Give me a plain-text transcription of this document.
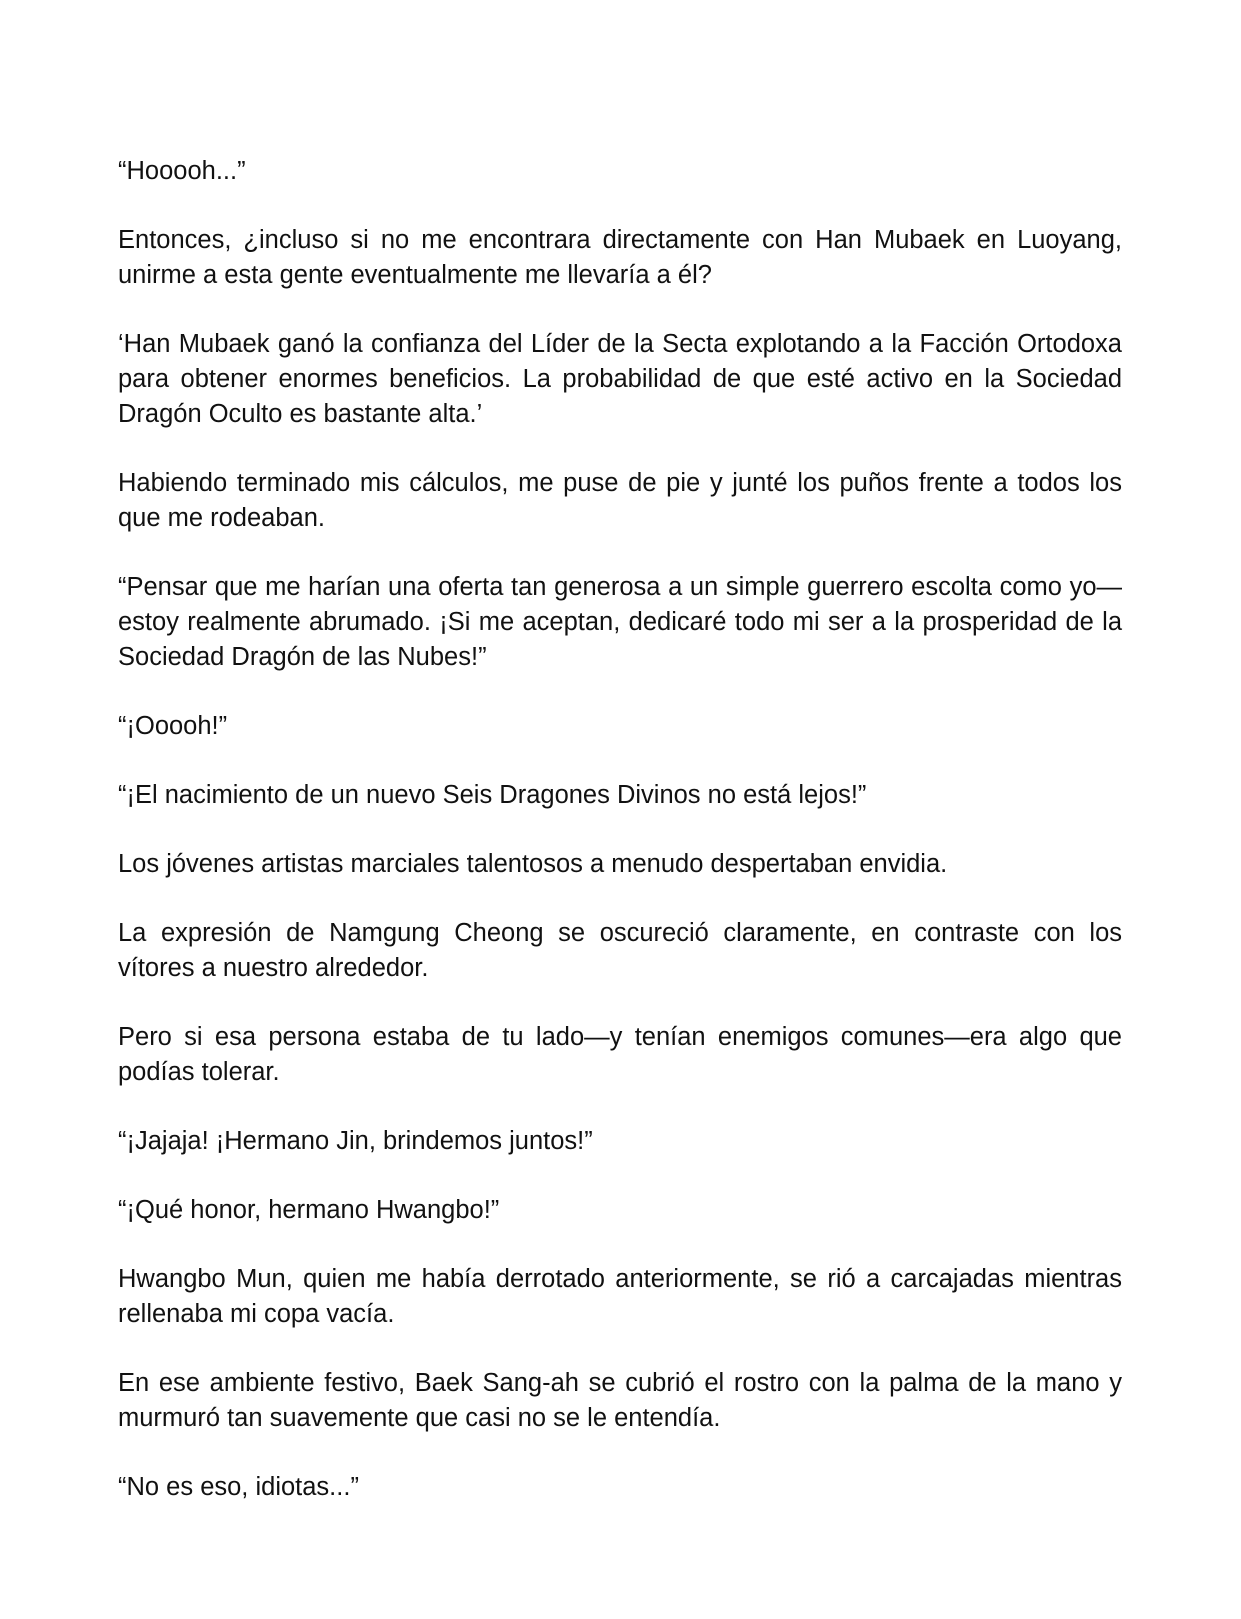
“Hooooh...”

Entonces, ¿incluso si no me encontrara directamente con Han Mubaek en Luoyang, unirme a esta gente eventualmente me llevaría a él?

‘Han Mubaek ganó la confianza del Líder de la Secta explotando a la Facción Ortodoxa para obtener enormes beneficios. La probabilidad de que esté activo en la Sociedad Dragón Oculto es bastante alta.’

Habiendo terminado mis cálculos, me puse de pie y junté los puños frente a todos los que me rodeaban.

“Pensar que me harían una oferta tan generosa a un simple guerrero escolta como yo—estoy realmente abrumado. ¡Si me aceptan, dedicaré todo mi ser a la prosperidad de la Sociedad Dragón de las Nubes!”

“¡Ooooh!”

“¡El nacimiento de un nuevo Seis Dragones Divinos no está lejos!”

Los jóvenes artistas marciales talentosos a menudo despertaban envidia.

La expresión de Namgung Cheong se oscureció claramente, en contraste con los vítores a nuestro alrededor.

Pero si esa persona estaba de tu lado—y tenían enemigos comunes—era algo que podías tolerar.

“¡Jajaja! ¡Hermano Jin, brindemos juntos!”

“¡Qué honor, hermano Hwangbo!”

Hwangbo Mun, quien me había derrotado anteriormente, se rió a carcajadas mientras rellenaba mi copa vacía.

En ese ambiente festivo, Baek Sang-ah se cubrió el rostro con la palma de la mano y murmuró tan suavemente que casi no se le entendía.

“No es eso, idiotas...”
